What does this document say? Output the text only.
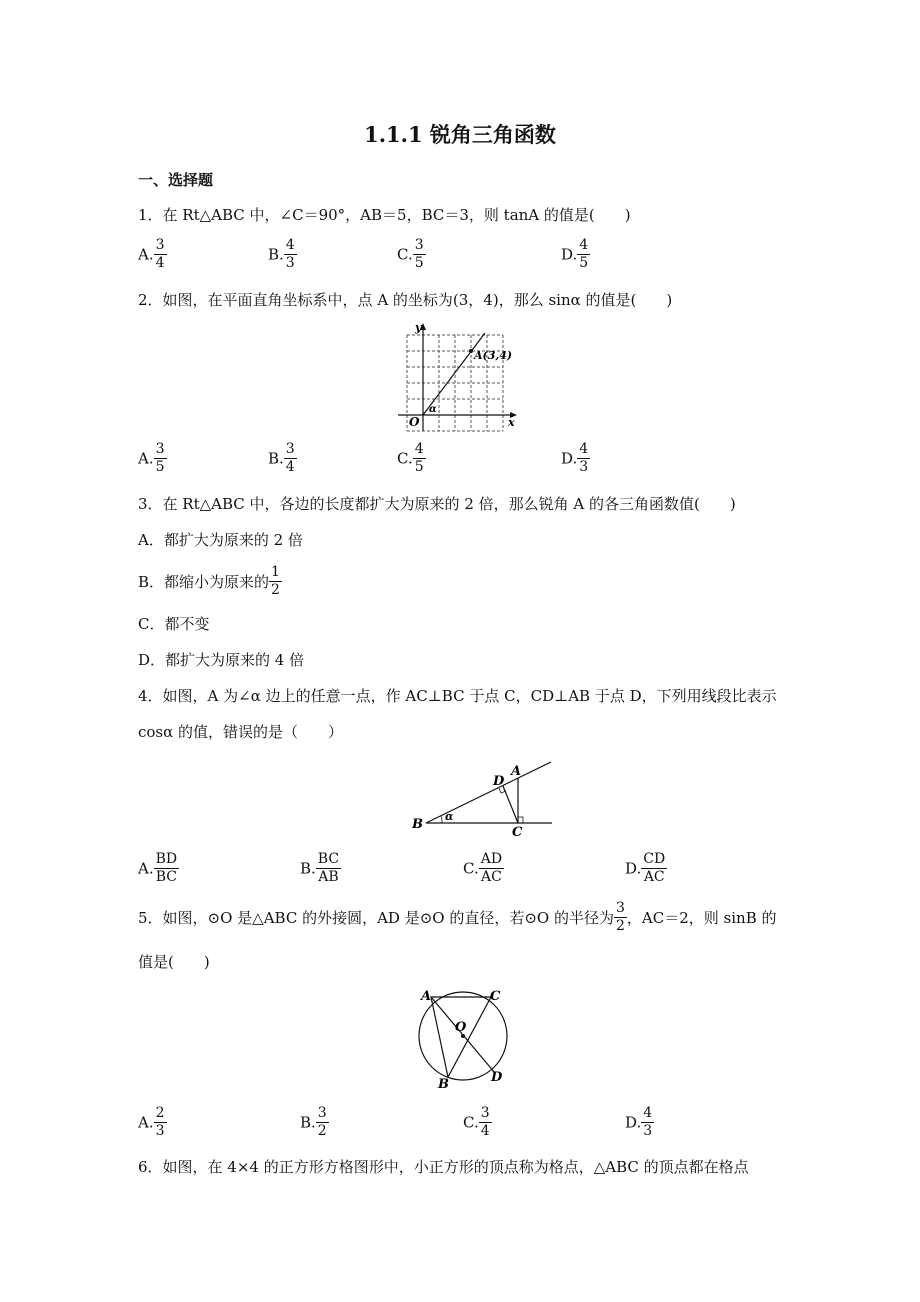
1.1.1 锐角三角函数
一、选择题
1．在 Rt△ABC 中，∠C＝90°，AB＝5，BC＝3，则 tanA 的值是(　　)
A. $\frac{3}{4}$	B. $\frac{4}{3}$	C. $\frac{3}{5}$	D. $\frac{4}{5}$
2．如图，在平面直角坐标系中，点 A 的坐标为(3，4)，那么 sinα 的值是(　　)
y
x
O
A(3,4)
α
A. $\frac{3}{5}$	B. $\frac{3}{4}$	C. $\frac{4}{5}$	D. $\frac{4}{3}$
3．在 Rt△ABC 中，各边的长度都扩大为原来的 2 倍，那么锐角 A 的各三角函数值(　　)
A．都扩大为原来的 2 倍
B．都缩小为原来的 $\frac{1}{2}$
C．都不变
D．都扩大为原来的 4 倍
4．如图，A 为∠α 边上的任意一点，作 AC⊥BC 于点 C，CD⊥AB 于点 D，下列用线段比表示
cosα 的值，错误的是（　　）
B
C
A
D
α
A. $\frac{BD}{BC}$	B. $\frac{BC}{AB}$	C. $\frac{AD}{AC}$	D. $\frac{CD}{AC}$
5．如图，⊙O 是△ABC 的外接圆，AD 是⊙O 的直径，若⊙O 的半径为 $\frac{3}{2}$ ，AC＝2，则 sinB 的
值是(　　)
A	C
O
B	D
A. $\frac{2}{3}$	B. $\frac{3}{2}$	C. $\frac{3}{4}$	D. $\frac{4}{3}$
6．如图，在 4×4 的正方形方格图形中，小正方形的顶点称为格点，△ABC 的顶点都在格点
